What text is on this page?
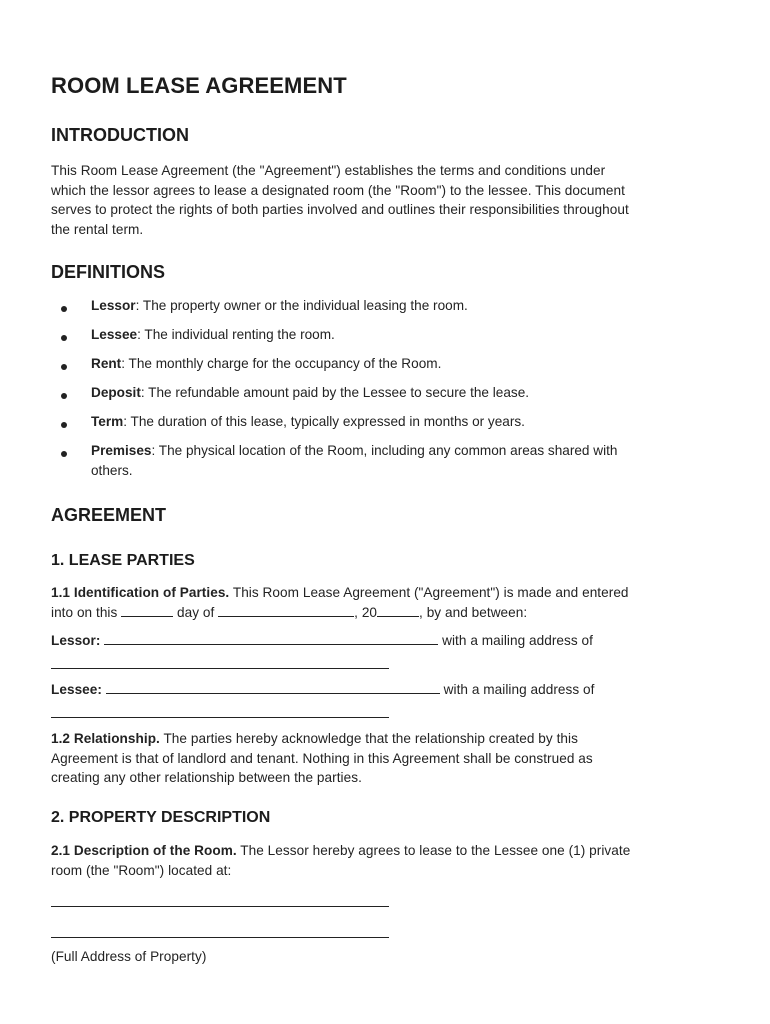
ROOM LEASE AGREEMENT
INTRODUCTION
This Room Lease Agreement (the "Agreement") establishes the terms and conditions under
which the lessor agrees to lease a designated room (the "Room") to the lessee. This document
serves to protect the rights of both parties involved and outlines their responsibilities throughout
the rental term.
DEFINITIONS
Lessor: The property owner or the individual leasing the room.
Lessee: The individual renting the room.
Rent: The monthly charge for the occupancy of the Room.
Deposit: The refundable amount paid by the Lessee to secure the lease.
Term: The duration of this lease, typically expressed in months or years.
Premises: The physical location of the Room, including any common areas shared with
others.
AGREEMENT
1. LEASE PARTIES
1.1 Identification of Parties. This Room Lease Agreement ("Agreement") is made and entered
into on this	day of	, 20	, by and between:
Lessor:	with a mailing address of
Lessee:	with a mailing address of
1.2 Relationship. The parties hereby acknowledge that the relationship created by this
Agreement is that of landlord and tenant. Nothing in this Agreement shall be construed as
creating any other relationship between the parties.
2. PROPERTY DESCRIPTION
2.1 Description of the Room. The Lessor hereby agrees to lease to the Lessee one (1) private
room (the "Room") located at:
(Full Address of Property)
